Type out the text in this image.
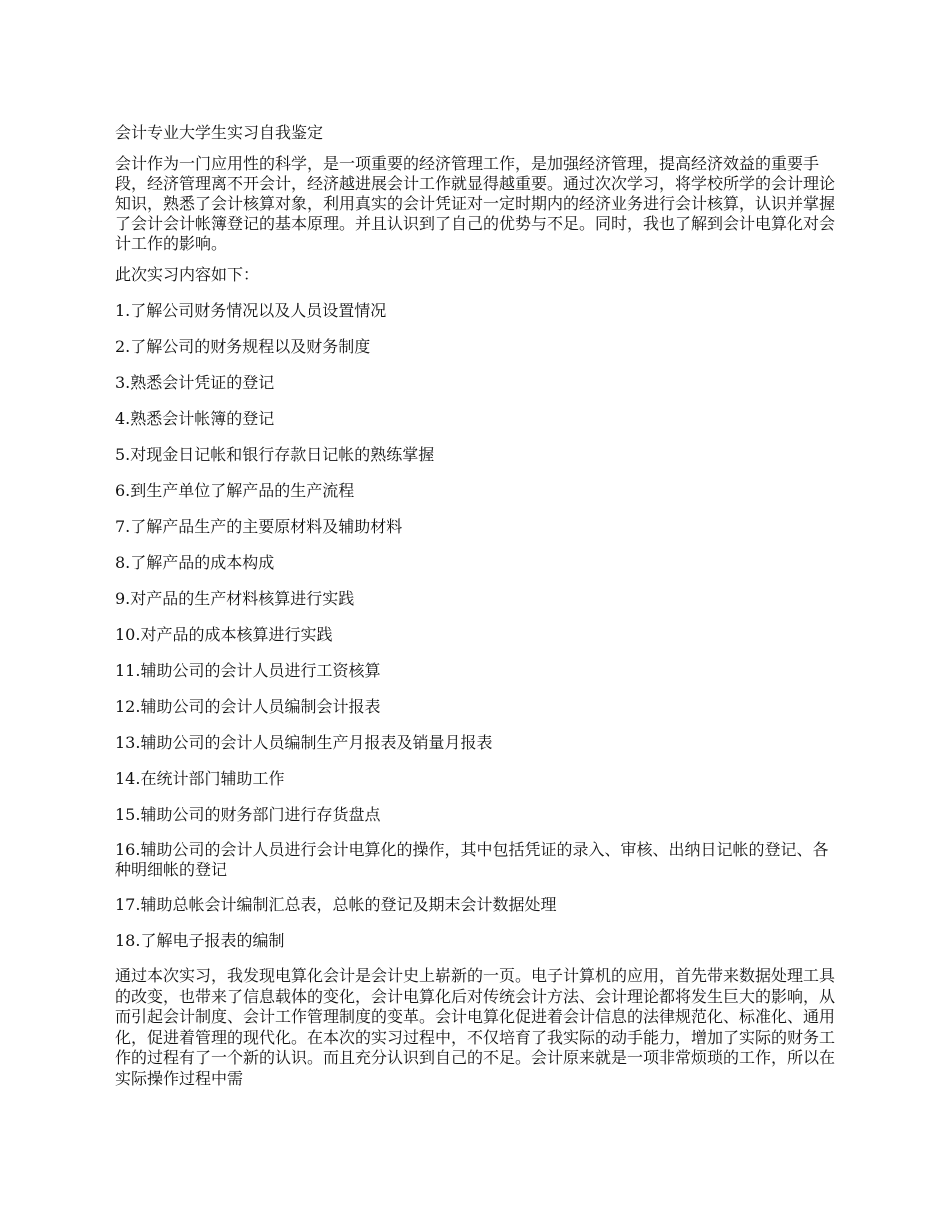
会计专业大学生实习自我鉴定

会计作为一门应用性的科学，是一项重要的经济管理工作，是加强经济管理，提高经济效益的重要手段，经济管理离不开会计，经济越进展会计工作就显得越重要。通过次次学习，将学校所学的会计理论知识，熟悉了会计核算对象，利用真实的会计凭证对一定时期内的经济业务进行会计核算，认识并掌握了会计会计帐簿登记的基本原理。并且认识到了自己的优势与不足。同时，我也了解到会计电算化对会计工作的影响。

此次实习内容如下：

1.了解公司财务情况以及人员设置情况

2.了解公司的财务规程以及财务制度

3.熟悉会计凭证的登记

4.熟悉会计帐簿的登记

5.对现金日记帐和银行存款日记帐的熟练掌握

6.到生产单位了解产品的生产流程

7.了解产品生产的主要原材料及辅助材料

8.了解产品的成本构成

9.对产品的生产材料核算进行实践

10.对产品的成本核算进行实践

11.辅助公司的会计人员进行工资核算

12.辅助公司的会计人员编制会计报表

13.辅助公司的会计人员编制生产月报表及销量月报表

14.在统计部门辅助工作

15.辅助公司的财务部门进行存货盘点

16.辅助公司的会计人员进行会计电算化的操作，其中包括凭证的录入、审核、出纳日记帐的登记、各种明细帐的登记

17.辅助总帐会计编制汇总表，总帐的登记及期末会计数据处理

18.了解电子报表的编制

通过本次实习，我发现电算化会计是会计史上崭新的一页。电子计算机的应用，首先带来数据处理工具的改变，也带来了信息载体的变化，会计电算化后对传统会计方法、会计理论都将发生巨大的影响，从而引起会计制度、会计工作管理制度的变革。会计电算化促进着会计信息的法律规范化、标准化、通用化，促进着管理的现代化。在本次的实习过程中，不仅培育了我实际的动手能力，增加了实际的财务工作的过程有了一个新的认识。而且充分认识到自己的不足。会计原来就是一项非常烦琐的工作，所以在实际操作过程中需
